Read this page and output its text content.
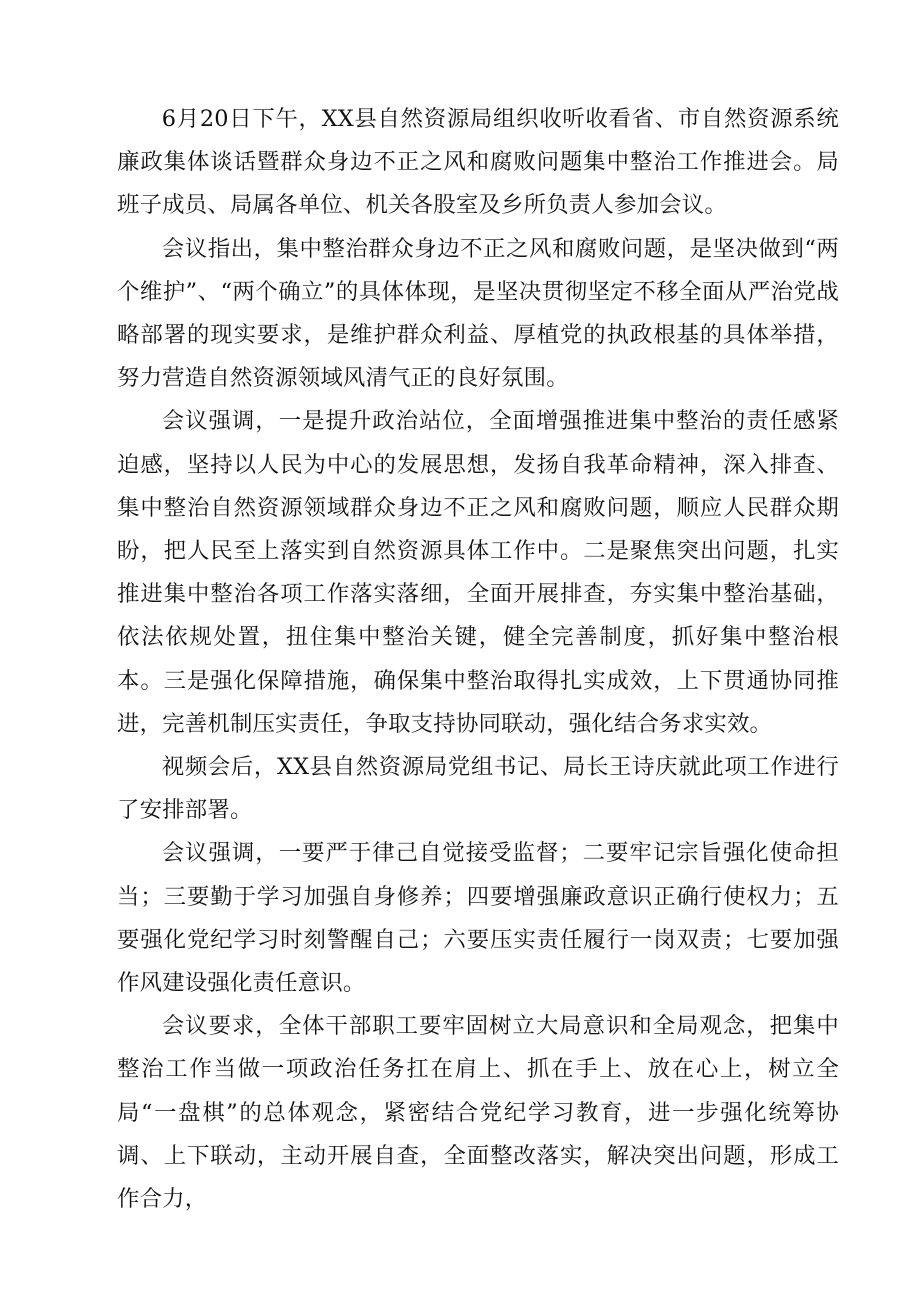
6月20日下午，XX县自然资源局组织收听收看省、市自然资源系统廉政集体谈话暨群众身边不正之风和腐败问题集中整治工作推进会。局班子成员、局属各单位、机关各股室及乡所负责人参加会议。

会议指出，集中整治群众身边不正之风和腐败问题，是坚决做到“两个维护”、“两个确立”的具体体现，是坚决贯彻坚定不移全面从严治党战略部署的现实要求，是维护群众利益、厚植党的执政根基的具体举措，努力营造自然资源领域风清气正的良好氛围。

会议强调，一是提升政治站位，全面增强推进集中整治的责任感紧迫感，坚持以人民为中心的发展思想，发扬自我革命精神，深入排查、集中整治自然资源领域群众身边不正之风和腐败问题，顺应人民群众期盼，把人民至上落实到自然资源具体工作中。二是聚焦突出问题，扎实推进集中整治各项工作落实落细，全面开展排查，夯实集中整治基础，依法依规处置，扭住集中整治关键，健全完善制度，抓好集中整治根本。三是强化保障措施，确保集中整治取得扎实成效，上下贯通协同推进，完善机制压实责任，争取支持协同联动，强化结合务求实效。

视频会后，XX县自然资源局党组书记、局长王诗庆就此项工作进行了安排部署。

会议强调，一要严于律己自觉接受监督；二要牢记宗旨强化使命担当；三要勤于学习加强自身修养；四要增强廉政意识正确行使权力；五要强化党纪学习时刻警醒自己；六要压实责任履行一岗双责；七要加强作风建设强化责任意识。

会议要求，全体干部职工要牢固树立大局意识和全局观念，把集中整治工作当做一项政治任务扛在肩上、抓在手上、放在心上，树立全局“一盘棋”的总体观念，紧密结合党纪学习教育，进一步强化统筹协调、上下联动，主动开展自查，全面整改落实，解决突出问题，形成工作合力，
